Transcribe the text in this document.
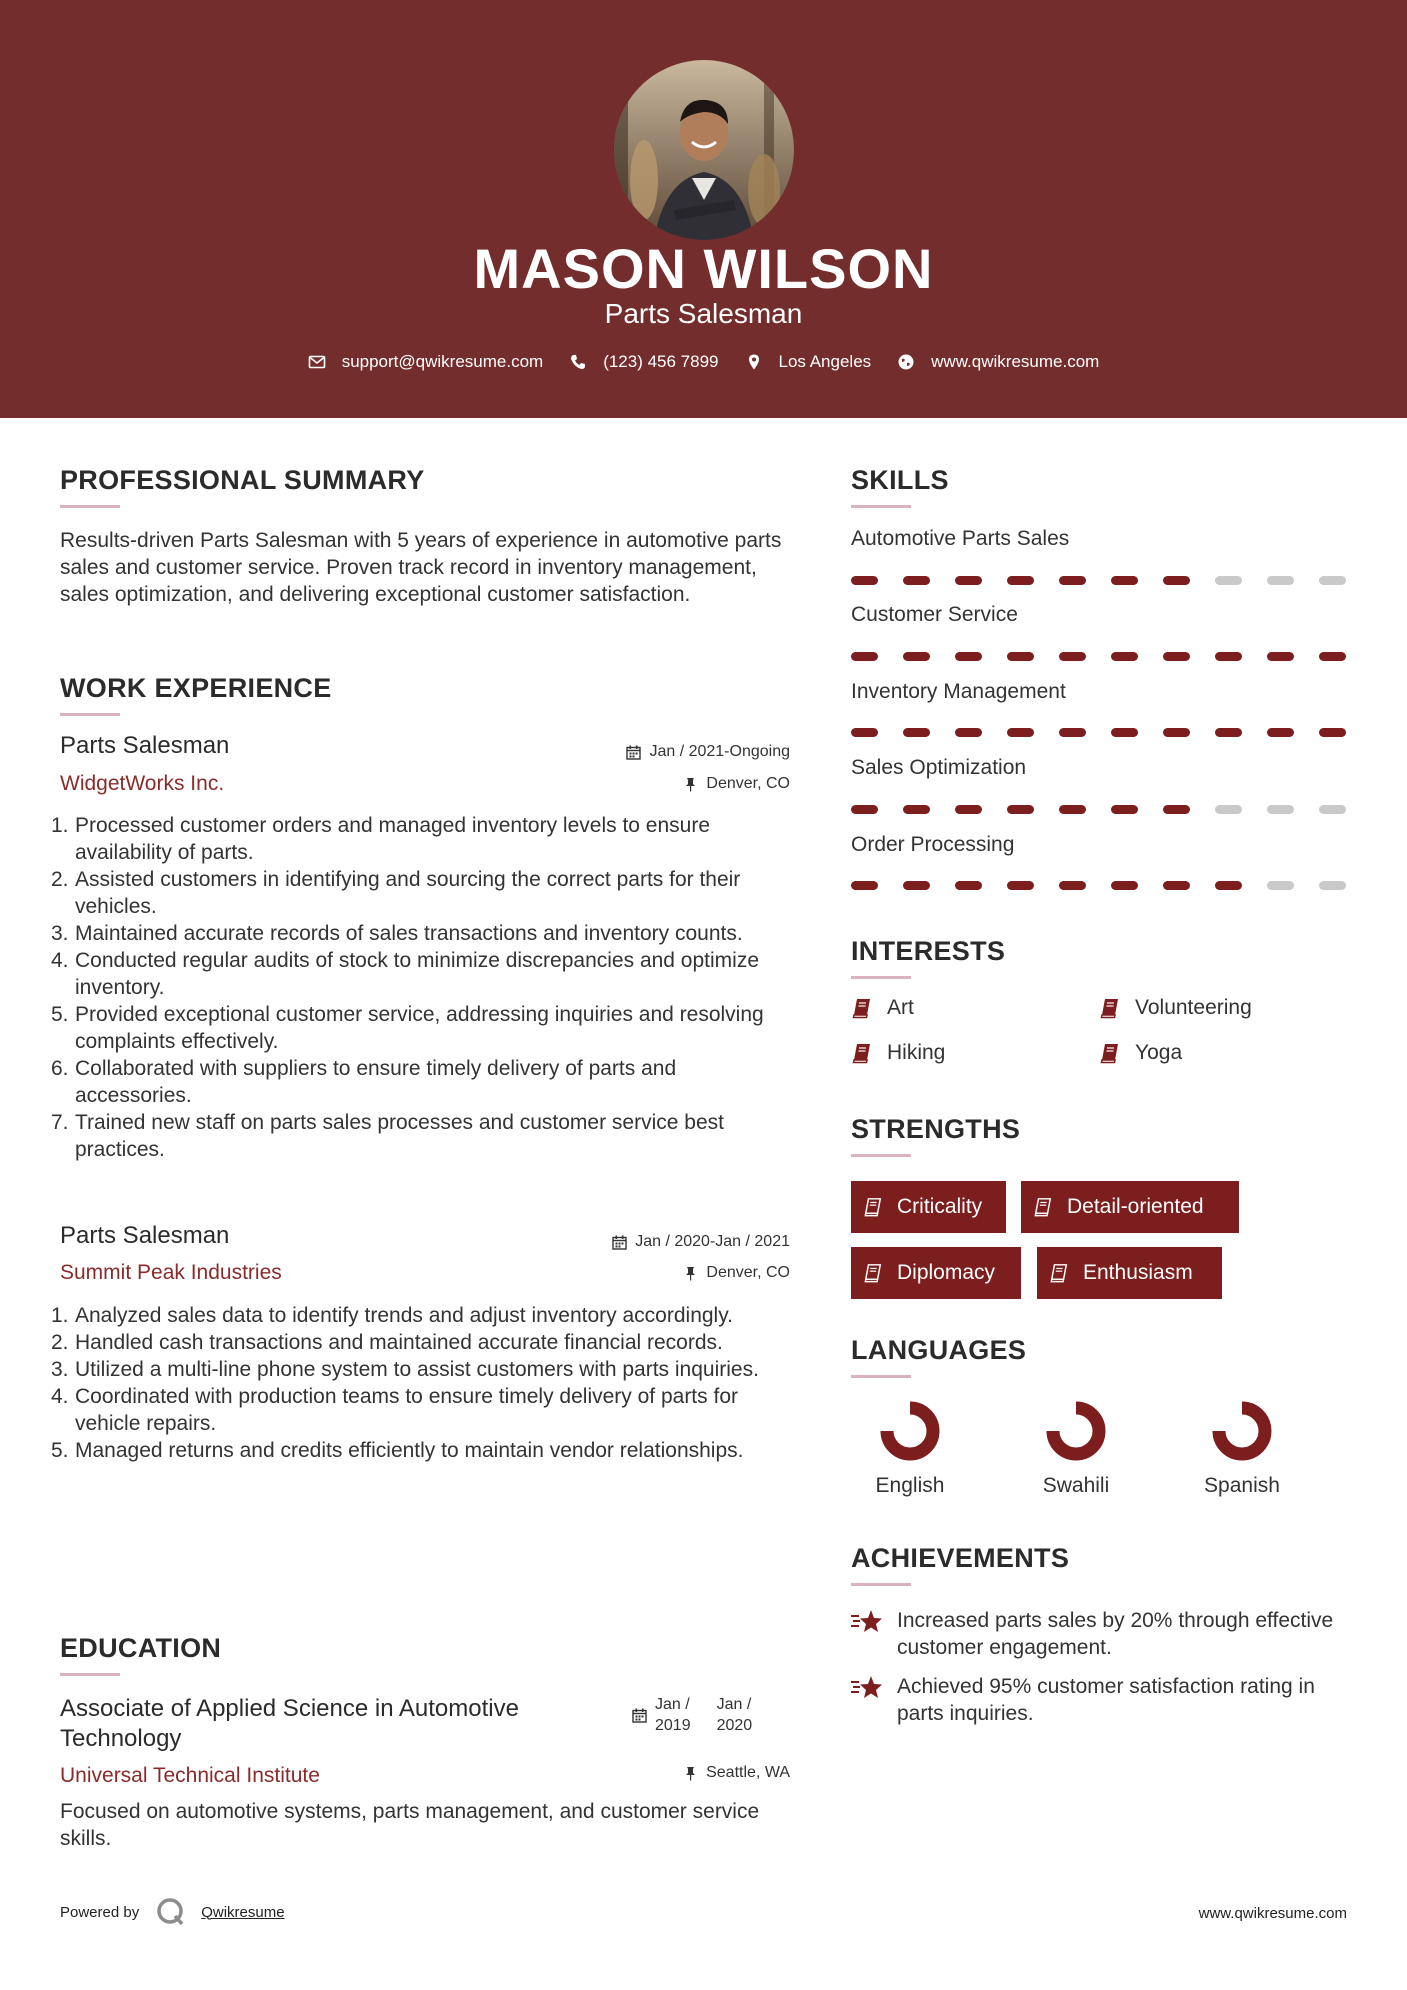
MASON WILSON
Parts Salesman
support@qwikresume.com	(123) 456 7899	Los Angeles	www.qwikresume.com
PROFESSIONAL SUMMARY
Results-driven Parts Salesman with 5 years of experience in automotive parts sales and customer service. Proven track record in inventory management, sales optimization, and delivering exceptional customer satisfaction.
WORK EXPERIENCE
Parts Salesman
WidgetWorks Inc.
Jan / 2021-Ongoing
Denver, CO
1. Processed customer orders and managed inventory levels to ensure availability of parts.
2. Assisted customers in identifying and sourcing the correct parts for their vehicles.
3. Maintained accurate records of sales transactions and inventory counts.
4. Conducted regular audits of stock to minimize discrepancies and optimize inventory.
5. Provided exceptional customer service, addressing inquiries and resolving complaints effectively.
6. Collaborated with suppliers to ensure timely delivery of parts and accessories.
7. Trained new staff on parts sales processes and customer service best practices.
Parts Salesman
Summit Peak Industries
Jan / 2020-Jan / 2021
Denver, CO
1. Analyzed sales data to identify trends and adjust inventory accordingly.
2. Handled cash transactions and maintained accurate financial records.
3. Utilized a multi-line phone system to assist customers with parts inquiries.
4. Coordinated with production teams to ensure timely delivery of parts for vehicle repairs.
5. Managed returns and credits efficiently to maintain vendor relationships.
EDUCATION
Associate of Applied Science in Automotive Technology
Universal Technical Institute
Jan /
2019
Jan /
2020
Seattle, WA
Focused on automotive systems, parts management, and customer service skills.
SKILLS
Automotive Parts Sales
Customer Service
Inventory Management
Sales Optimization
Order Processing
INTERESTS
Art	Volunteering
Hiking	Yoga
STRENGTHS
Criticality	Detail-oriented
Diplomacy	Enthusiasm
LANGUAGES
English	Swahili	Spanish
ACHIEVEMENTS
Increased parts sales by 20% through effective customer engagement.
Achieved 95% customer satisfaction rating in parts inquiries.
Powered by	Qwikresume	www.qwikresume.com
